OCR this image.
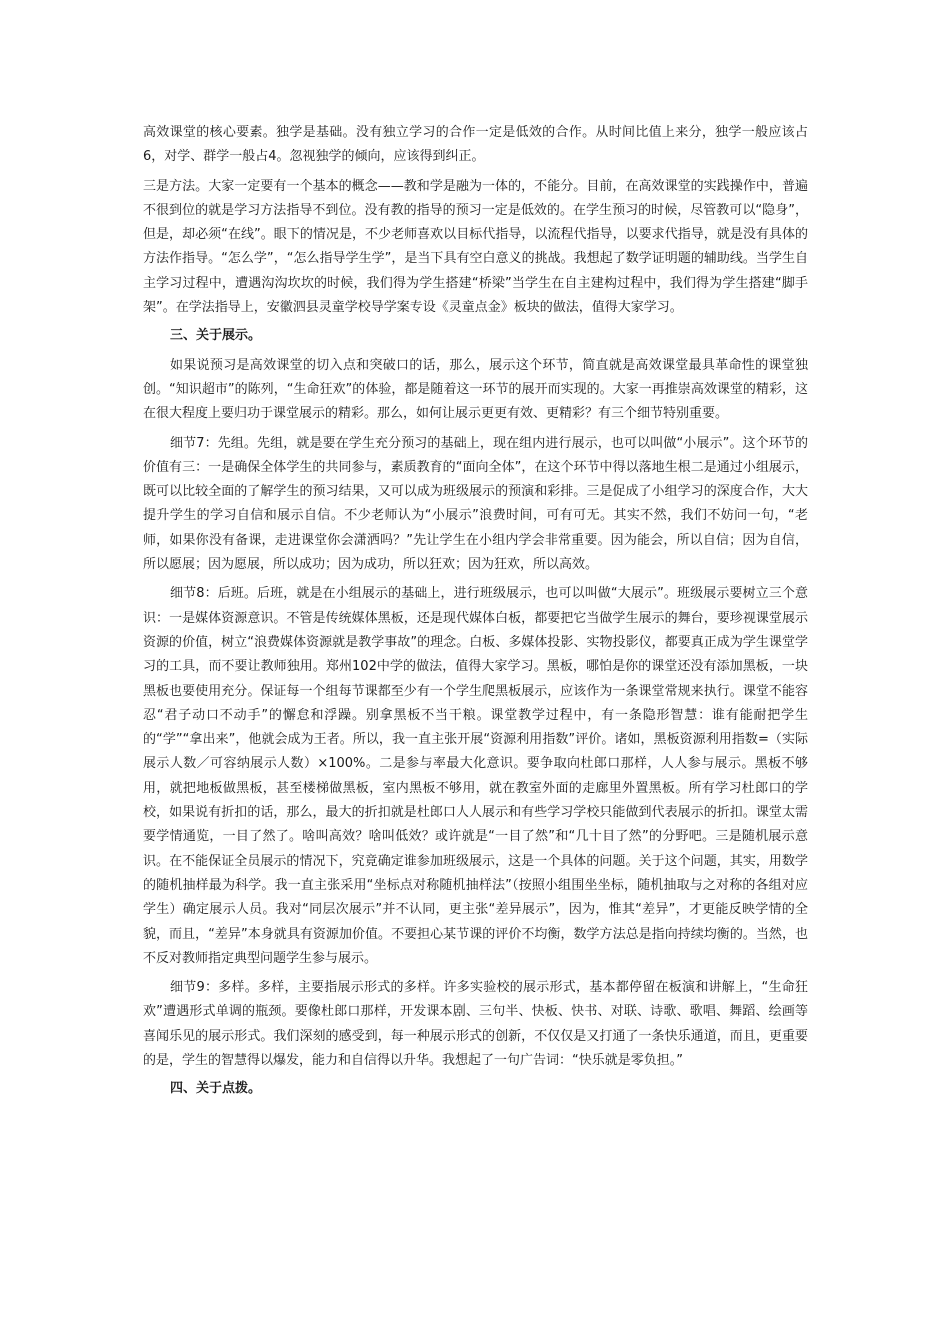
高效课堂的核心要素。独学是基础。没有独立学习的合作一定是低效的合作。从时间比值上来分，独学一般应该占6，对学、群学一般占4。忽视独学的倾向，应该得到纠正。

三是方法。大家一定要有一个基本的概念——教和学是融为一体的，不能分。目前，在高效课堂的实践操作中，普遍不很到位的就是学习方法指导不到位。没有教的指导的预习一定是低效的。在学生预习的时候，尽管教可以“隐身”，但是，却必须“在线”。眼下的情况是，不少老师喜欢以目标代指导，以流程代指导，以要求代指导，就是没有具体的方法作指导。“怎么学”，“怎么指导学生学”，是当下具有空白意义的挑战。我想起了数学证明题的辅助线。当学生自主学习过程中，遭遇沟沟坎坎的时候，我们得为学生搭建“桥梁”当学生在自主建构过程中，我们得为学生搭建“脚手架”。在学法指导上，安徽泗县灵童学校导学案专设《灵童点金》板块的做法，值得大家学习。

三、关于展示。

如果说预习是高效课堂的切入点和突破口的话，那么，展示这个环节，简直就是高效课堂最具革命性的课堂独创。“知识超市”的陈列，“生命狂欢”的体验，都是随着这一环节的展开而实现的。大家一再推崇高效课堂的精彩，这在很大程度上要归功于课堂展示的精彩。那么，如何让展示更更有效、更精彩？有三个细节特别重要。

细节7：先组。先组，就是要在学生充分预习的基础上，现在组内进行展示，也可以叫做“小展示”。这个环节的价值有三：一是确保全体学生的共同参与，素质教育的“面向全体”，在这个环节中得以落地生根二是通过小组展示，既可以比较全面的了解学生的预习结果，又可以成为班级展示的预演和彩排。三是促成了小组学习的深度合作，大大提升学生的学习自信和展示自信。不少老师认为“小展示”浪费时间，可有可无。其实不然，我们不妨问一句，“老师，如果你没有备课，走进课堂你会潇洒吗？”先让学生在小组内学会非常重要。因为能会，所以自信；因为自信，所以愿展；因为愿展，所以成功；因为成功，所以狂欢；因为狂欢，所以高效。

细节8：后班。后班，就是在小组展示的基础上，进行班级展示，也可以叫做“大展示”。班级展示要树立三个意识：一是媒体资源意识。不管是传统媒体黑板，还是现代媒体白板，都要把它当做学生展示的舞台，要珍视课堂展示资源的价值，树立“浪费媒体资源就是教学事故”的理念。白板、多媒体投影、实物投影仪，都要真正成为学生课堂学习的工具，而不要让教师独用。郑州102中学的做法，值得大家学习。黑板，哪怕是你的课堂还没有添加黑板，一块黑板也要使用充分。保证每一个组每节课都至少有一个学生爬黑板展示，应该作为一条课堂常规来执行。课堂不能容忍“君子动口不动手”的懈怠和浮躁。别拿黑板不当干粮。课堂教学过程中，有一条隐形智慧：谁有能耐把学生的“学”“拿出来”，他就会成为王者。所以，我一直主张开展“资源利用指数”评价。诸如，黑板资源利用指数=（实际展示人数／可容纳展示人数）×100%。二是参与率最大化意识。要争取向杜郎口那样，人人参与展示。黑板不够用，就把地板做黑板，甚至楼梯做黑板，室内黑板不够用，就在教室外面的走廊里外置黑板。所有学习杜郎口的学校，如果说有折扣的话，那么，最大的折扣就是杜郎口人人展示和有些学习学校只能做到代表展示的折扣。课堂太需要学情通览，一目了然了。啥叫高效？啥叫低效？或许就是“一目了然”和“几十目了然”的分野吧。三是随机展示意识。在不能保证全员展示的情况下，究竟确定谁参加班级展示，这是一个具体的问题。关于这个问题，其实，用数学的随机抽样最为科学。我一直主张采用“坐标点对称随机抽样法”（按照小组围坐坐标，随机抽取与之对称的各组对应学生）确定展示人员。我对“同层次展示”并不认同，更主张“差异展示”，因为，惟其“差异”，才更能反映学情的全貌，而且，“差异”本身就具有资源加价值。不要担心某节课的评价不均衡，数学方法总是指向持续均衡的。当然，也不反对教师指定典型问题学生参与展示。

细节9：多样。多样，主要指展示形式的多样。许多实验校的展示形式，基本都停留在板演和讲解上，“生命狂欢”遭遇形式单调的瓶颈。要像杜郎口那样，开发课本剧、三句半、快板、快书、对联、诗歌、歌唱、舞蹈、绘画等喜闻乐见的展示形式。我们深刻的感受到，每一种展示形式的创新，不仅仅是又打通了一条快乐通道，而且，更重要的是，学生的智慧得以爆发，能力和自信得以升华。我想起了一句广告词：“快乐就是零负担。”

四、关于点拨。
